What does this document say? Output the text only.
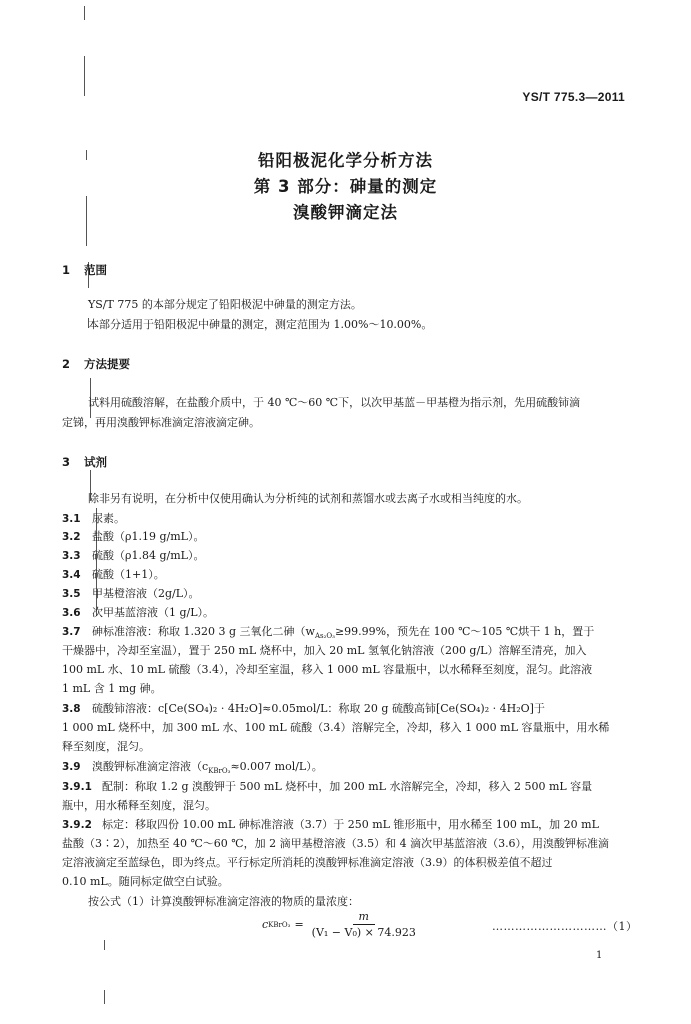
YS/T 775.3—2011
铅阳极泥化学分析方法
第 3 部分：砷量的测定
溴酸钾滴定法
1 范围

YS/T 775 的本部分规定了铅阳极泥中砷量的测定方法。

本部分适用于铅阳极泥中砷量的测定，测定范围为 1.00%～10.00%。

2 方法提要

试料用硫酸溶解，在盐酸介质中，于 40 ℃～60 ℃下，以次甲基蓝－甲基橙为指示剂，先用硫酸铈滴

定锑，再用溴酸钾标准滴定溶液滴定砷。

3 试剂

除非另有说明，在分析中仅使用确认为分析纯的试剂和蒸馏水或去离子水或相当纯度的水。

3.1 尿素。
3.2 盐酸（ρ1.19 g/mL）。
3.3 硫酸（ρ1.84 g/mL）。
3.4 硫酸（1+1）。
3.5 甲基橙溶液（2g/L）。
3.6 次甲基蓝溶液（1 g/L）。
3.7 砷标准溶液：称取 1.320 3 g 三氧化二砷（$w_{As_2O_3}\ge 99.99\%$，预先在 100 ℃～105 ℃烘干 1 h，置于
干燥器中，冷却至室温），置于 250 mL 烧杯中，加入 20 mL 氢氧化钠溶液（200 g/L）溶解至清亮，加入
100 mL 水、10 mL 硫酸（3.4），冷却至室温，移入 1 000 mL 容量瓶中，以水稀释至刻度，混匀。此溶液
1 mL 含 1 mg 砷。
3.8 硫酸铈溶液：c[Ce(SO₄)₂ · 4H₂O]≈0.05mol/L：称取 20 g 硫酸高铈[Ce(SO₄)₂ · 4H₂O]于
1 000 mL 烧杯中，加 300 mL 水、100 mL 硫酸（3.4）溶解完全，冷却，移入 1 000 mL 容量瓶中，用水稀
释至刻度，混匀。
3.9 溴酸钾标准滴定溶液（$c_{KBrO_3}\approx 0.007$ mol/L）。
3.9.1 配制：称取 1.2 g 溴酸钾于 500 mL 烧杯中，加 200 mL 水溶解完全，冷却，移入 2 500 mL 容量
瓶中，用水稀释至刻度，混匀。
3.9.2 标定：移取四份 10.00 mL 砷标准溶液（3.7）于 250 mL 锥形瓶中，用水稀至 100 mL，加 20 mL
盐酸（3∶2），加热至 40 ℃～60 ℃，加 2 滴甲基橙溶液（3.5）和 4 滴次甲基蓝溶液（3.6），用溴酸钾标准滴
定溶液滴定至蓝绿色，即为终点。平行标定所消耗的溴酸钾标准滴定溶液（3.9）的体积极差值不超过
0.10 mL。随同标定做空白试验。
按公式（1）计算溴酸钾标准滴定溶液的物质的量浓度：
c KBrO₃ = $\frac{m}{\text{(V₁ − V₀) × 74.923}}$	…………………………（1）
1
